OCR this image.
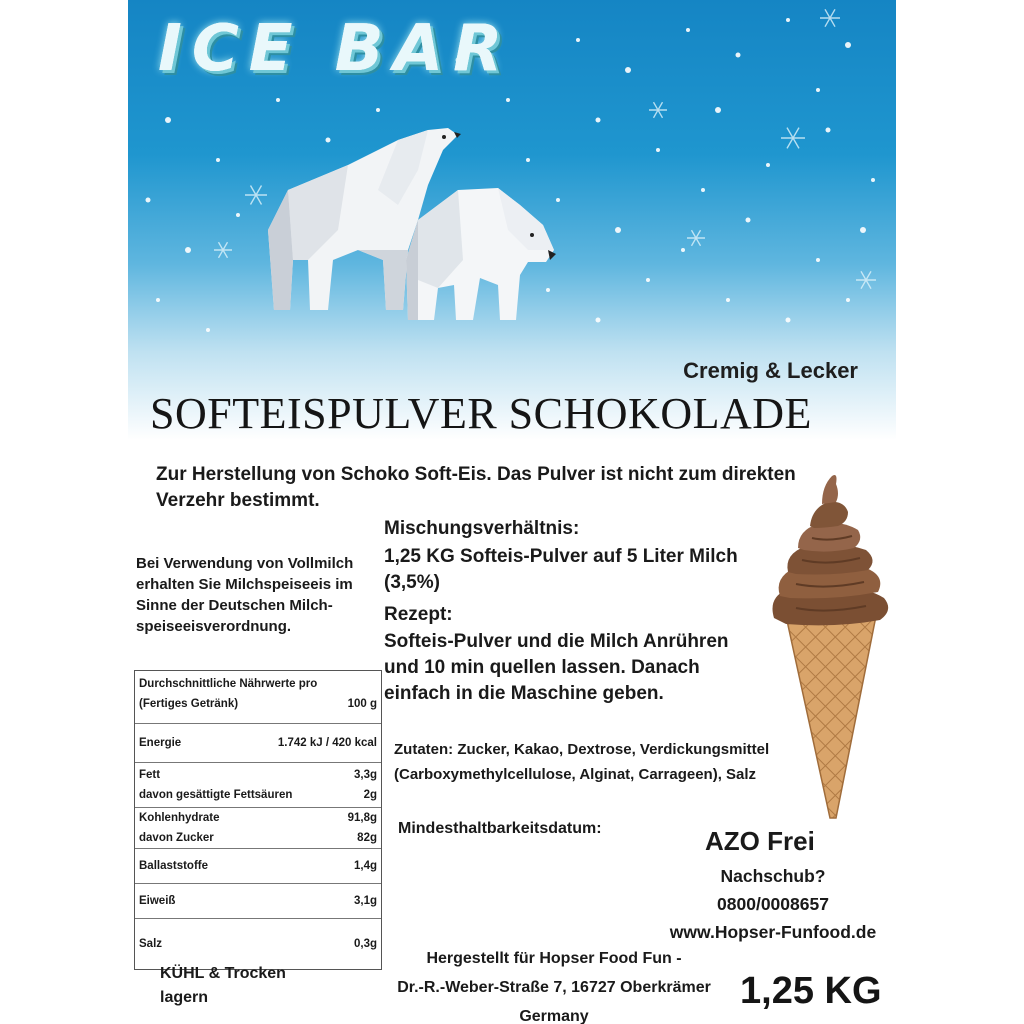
ICE BAR
Cremig & Lecker
SOFTEISPULVER SCHOKOLADE
Zur Herstellung von Schoko Soft-Eis. Das Pulver ist nicht zum direkten Verzehr bestimmt.
Mischungsverhältnis:
1,25 KG Softeis-Pulver auf 5 Liter Milch (3,5%)
Rezept:
Softeis-Pulver und die Milch Anrühren und 10 min quellen lassen. Danach einfach in die Maschine geben.
Bei Verwendung von Vollmilch erhalten Sie Milchspeiseeis im Sinne der Deutschen Milch-speiseeisverordnung.
Durchschnittliche Nährwerte pro
(Fertiges Getränk)	100 g
Energie	1.742 kJ / 420 kcal
Fett	3,3g
davon gesättigte Fettsäuren	2g
Kohlenhydrate	91,8g
davon Zucker	82g
Ballaststoffe	1,4g
Eiweiß	3,1g
Salz	0,3g
Zutaten: Zucker, Kakao, Dextrose, Verdickungsmittel (Carboxymethylcellulose, Alginat, Carrageen), Salz
Mindesthaltbarkeitsdatum:	AZO Frei
Nachschub?
0800/0008657
www.Hopser-Funfood.de
KÜHL & Trocken
lagern
Hergestellt für Hopser Food Fun -
Dr.-R.-Weber-Straße 7, 16727 Oberkrämer
Germany
1,25 KG
